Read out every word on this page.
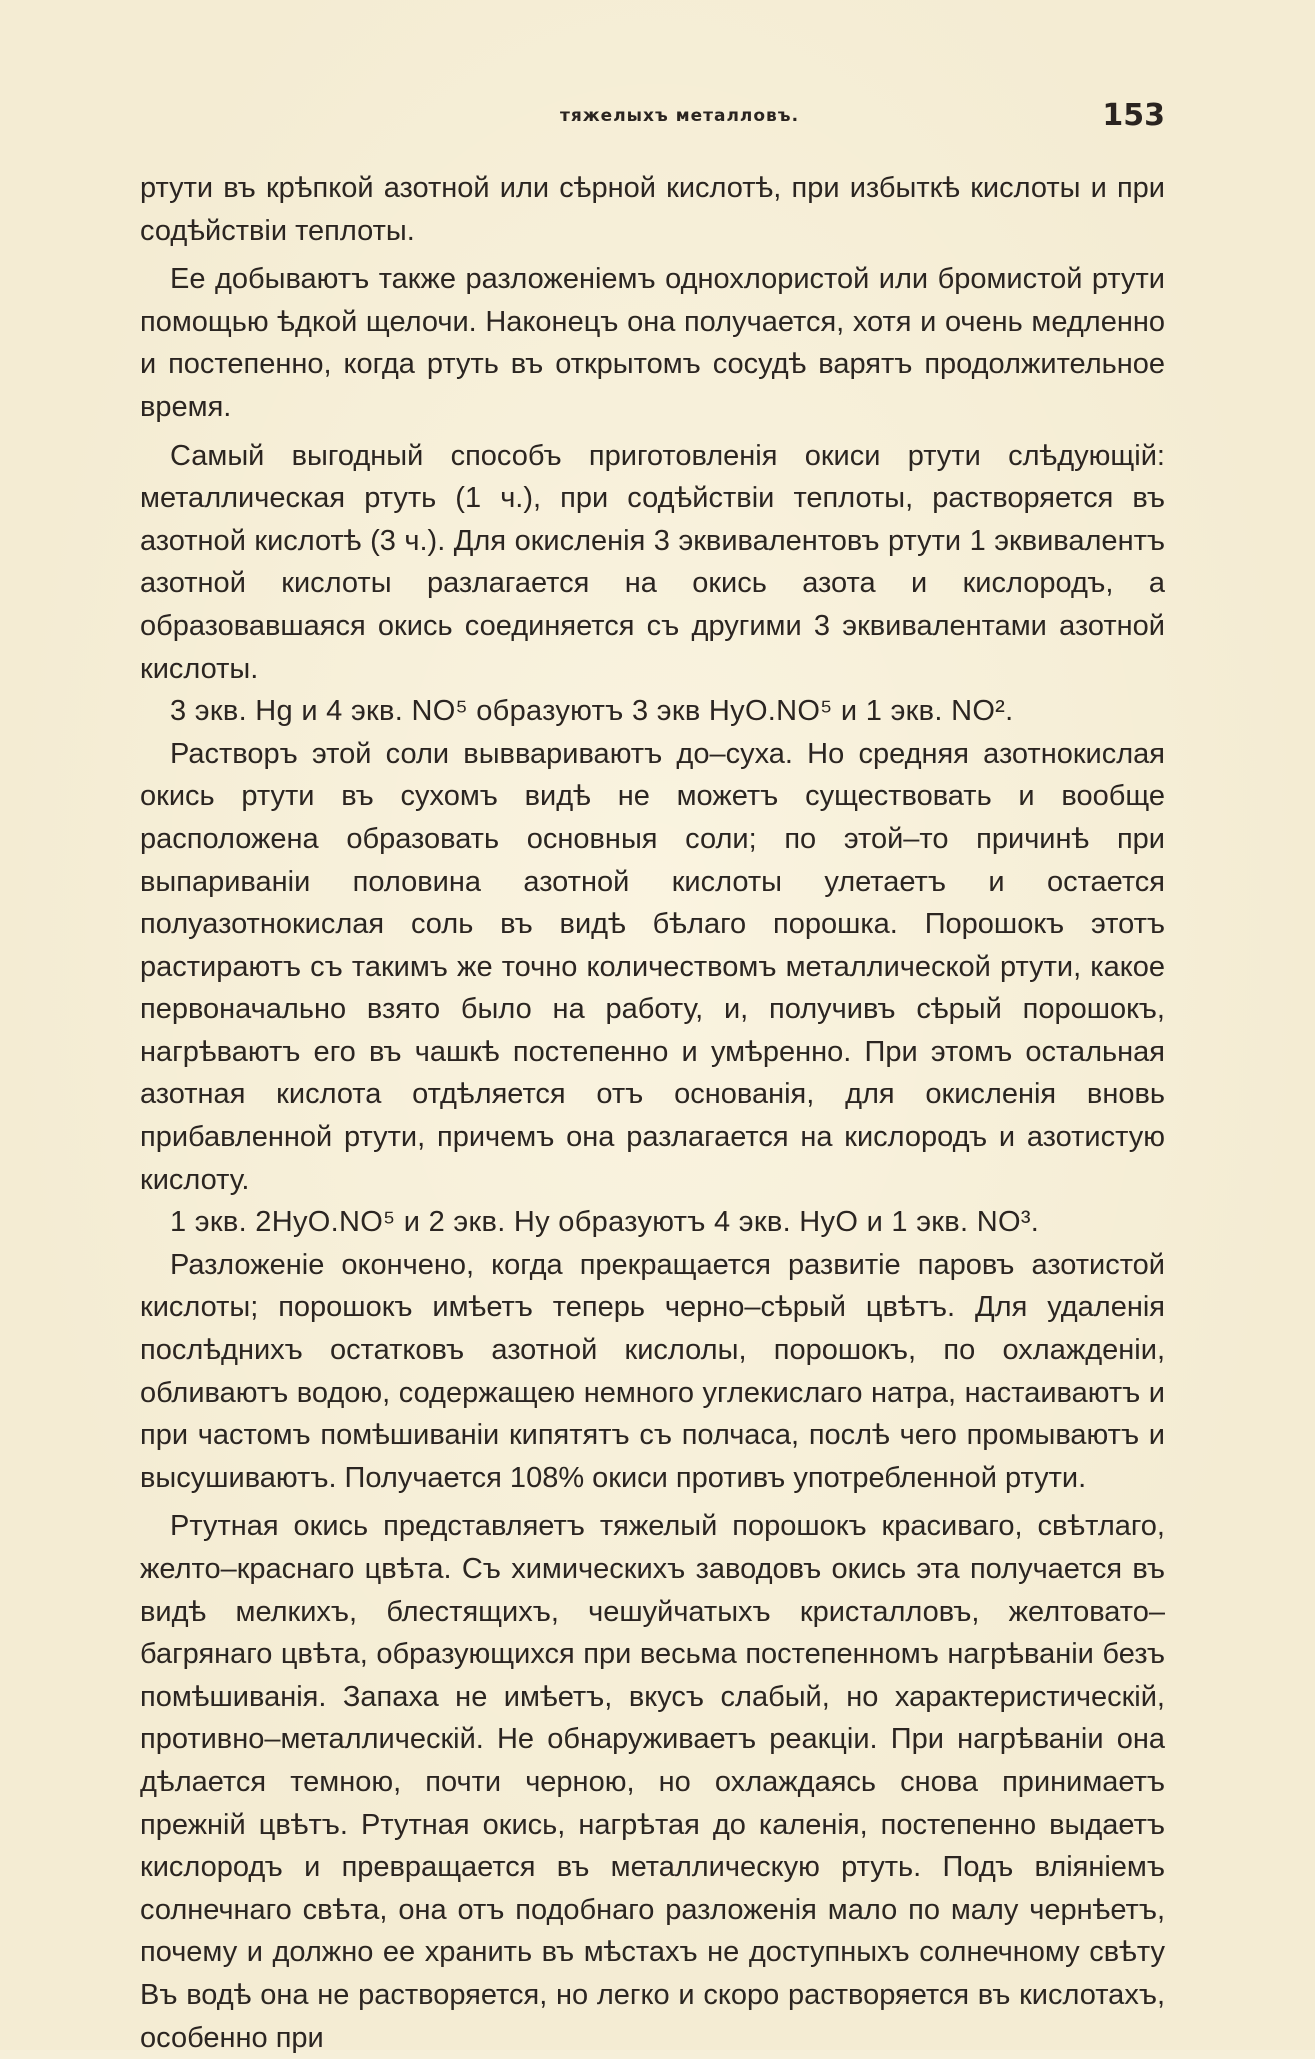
тяжелыхъ металловъ.	153

ртути въ крѣпкой азотной или сѣрной кислотѣ, при избыткѣ кислоты и при содѣйствіи теплоты.

Ее добываютъ также разложеніемъ однохлористой или бромистой ртути помощью ѣдкой щелочи. Наконецъ она получается, хотя и очень медленно и постепенно, когда ртуть въ открытомъ сосудѣ варятъ продолжительное время.

Самый выгодный способъ приготовленія окиси ртути слѣдующій: металлическая ртуть (1 ч.), при содѣйствіи теплоты, растворяется въ азотной кислотѣ (3 ч.). Для окисленія 3 эквивалентовъ ртути 1 эквивалентъ азотной кислоты разлагается на окись азота и кислородъ, а образовавшаяся окись соединяется съ другими 3 эквивалентами азотной кислоты.

3 экв. Hg и 4 экв. NO⁵ образуютъ 3 экв HуO.NO⁵ и 1 экв. NO².

Растворъ этой соли выввариваютъ до–суха. Но средняя азотнокислая окись ртути въ сухомъ видѣ не можетъ существовать и вообще расположена образовать основныя соли; по этой–то причинѣ при выпариваніи половина азотной кислоты улетаетъ и остается полуазотнокислая соль въ видѣ бѣлаго порошка. Порошокъ этотъ растираютъ съ такимъ же точно количествомъ металлической ртути, какое первоначально взято было на работу, и, получивъ сѣрый порошокъ, нагрѣваютъ его въ чашкѣ постепенно и умѣренно. При этомъ остальная азотная кислота отдѣляется отъ основанія, для окисленія вновь прибавленной ртути, причемъ она разлагается на кислородъ и азотистую кислоту.

1 экв. 2HуO.NO⁵ и 2 экв. Hу образуютъ 4 экв. HуO и 1 экв. NO³.

Разложеніе окончено, когда прекращается развитіе паровъ азотистой кислоты; порошокъ имѣетъ теперь черно–сѣрый цвѣтъ. Для удаленія послѣднихъ остатковъ азотной кислолы, порошокъ, по охлажденіи, обливаютъ водою, содержащею немного углекислаго натра, настаиваютъ и при частомъ помѣшиваніи кипятятъ съ полчаса, послѣ чего промываютъ и высушиваютъ. Получается 108% окиси противъ употребленной ртути.

Ртутная окись представляетъ тяжелый порошокъ красиваго, свѣтлаго, желто–краснаго цвѣта. Съ химическихъ заводовъ окись эта получается въ видѣ мелкихъ, блестящихъ, чешуйчатыхъ кристалловъ, желтовато–багрянаго цвѣта, образующихся при весьма постепенномъ нагрѣваніи безъ помѣшиванія. Запаха не имѣетъ, вкусъ слабый, но характеристическій, противно–металлическій. Не обнаруживаетъ реакціи. При нагрѣваніи она дѣлается темною, почти черною, но охлаждаясь снова принимаетъ прежній цвѣтъ. Ртутная окись, нагрѣтая до каленія, постепенно выдаетъ кислородъ и превращается въ металлическую ртуть. Подъ вліяніемъ солнечнаго свѣта, она отъ подобнаго разложенія мало по малу чернѣетъ, почему и должно ее хранить въ мѣстахъ не доступныхъ солнечному свѣту Въ водѣ она не растворяется, но легко и скоро растворяется въ кислотахъ, особенно при
